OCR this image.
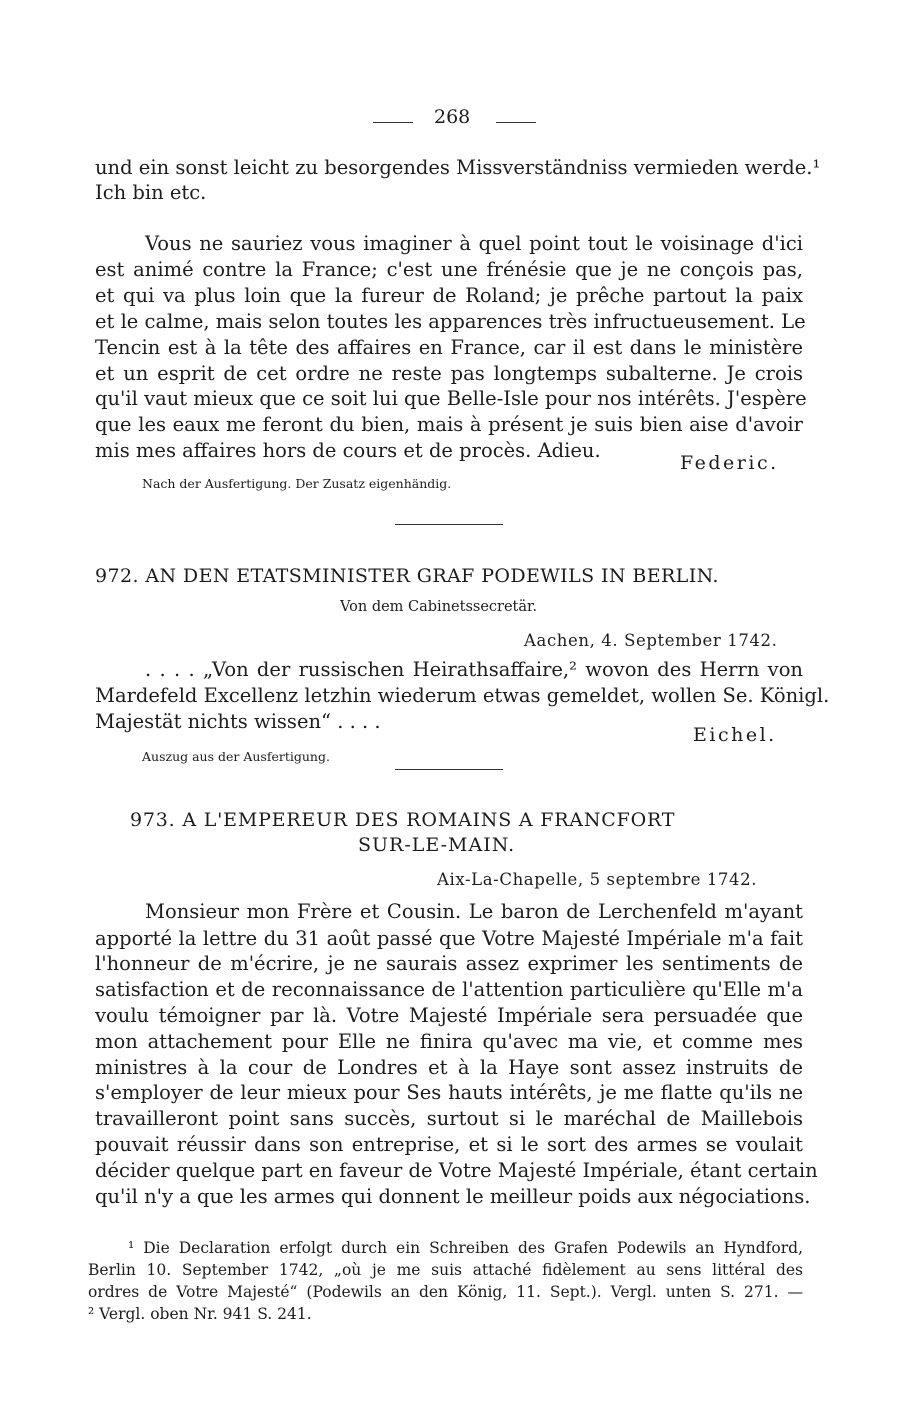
268
und ein sonst leicht zu besorgendes Missverständniss vermieden werde.¹
Ich bin etc.
Vous ne sauriez vous imaginer à quel point tout le voisinage d'ici
est animé contre la France; c'est une frénésie que je ne conçois pas,
et qui va plus loin que la fureur de Roland; je prêche partout la paix
et le calme, mais selon toutes les apparences très infructueusement. Le
Tencin est à la tête des affaires en France, car il est dans le ministère
et un esprit de cet ordre ne reste pas longtemps subalterne. Je crois
qu'il vaut mieux que ce soit lui que Belle-Isle pour nos intérêts. J'espère
que les eaux me feront du bien, mais à présent je suis bien aise d'avoir
mis mes affaires hors de cours et de procès. Adieu.
Federic.
Nach der Ausfertigung. Der Zusatz eigenhändig.
972. AN DEN ETATSMINISTER GRAF PODEWILS IN BERLIN.
Von dem Cabinetssecretär.
Aachen, 4. September 1742.
. . . . „Von der russischen Heirathsaffaire,² wovon des Herrn von
Mardefeld Excellenz letzhin wiederum etwas gemeldet, wollen Se. Königl.
Majestät nichts wissen“ . . . .
Eichel.
Auszug aus der Ausfertigung.
973. A L'EMPEREUR DES ROMAINS A FRANCFORT
SUR-LE-MAIN.
Aix-La-Chapelle, 5 septembre 1742.
Monsieur mon Frère et Cousin. Le baron de Lerchenfeld m'ayant
apporté la lettre du 31 août passé que Votre Majesté Impériale m'a fait
l'honneur de m'écrire, je ne saurais assez exprimer les sentiments de
satisfaction et de reconnaissance de l'attention particulière qu'Elle m'a
voulu témoigner par là. Votre Majesté Impériale sera persuadée que
mon attachement pour Elle ne finira qu'avec ma vie, et comme mes
ministres à la cour de Londres et à la Haye sont assez instruits de
s'employer de leur mieux pour Ses hauts intérêts, je me flatte qu'ils ne
travailleront point sans succès, surtout si le maréchal de Maillebois
pouvait réussir dans son entreprise, et si le sort des armes se voulait
décider quelque part en faveur de Votre Majesté Impériale, étant certain
qu'il n'y a que les armes qui donnent le meilleur poids aux négociations.
¹ Die Declaration erfolgt durch ein Schreiben des Grafen Podewils an Hyndford,
Berlin 10. September 1742, „où je me suis attaché fidèlement au sens littéral des
ordres de Votre Majesté“ (Podewils an den König, 11. Sept.). Vergl. unten S. 271. —
² Vergl. oben Nr. 941 S. 241.
